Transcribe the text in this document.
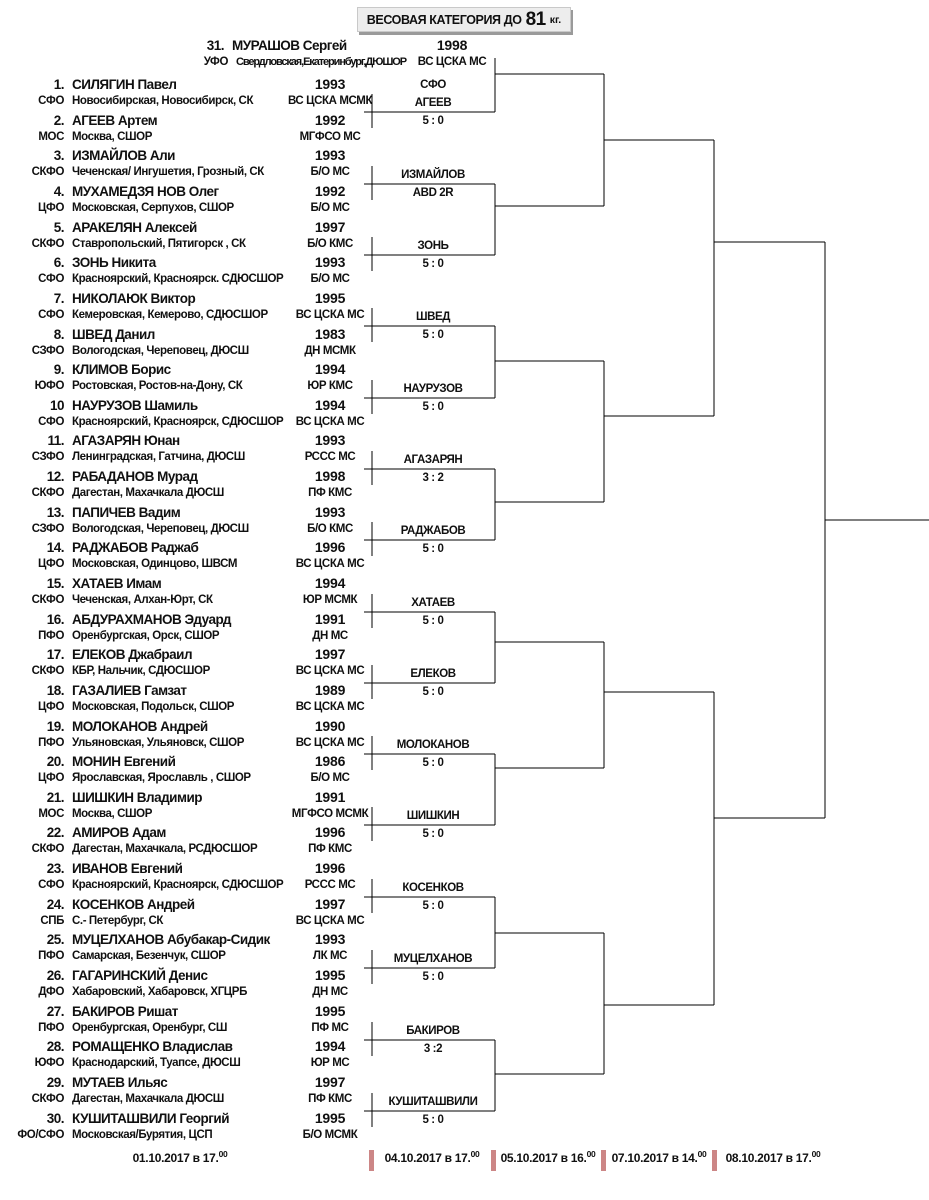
ВЕСОВАЯ КАТЕГОРИЯ ДО 81 кг.
31. МУРАШОВ Сергей	1998
УФО Свердловская,Екатеринбург,ДЮШОР	ВС ЦСКА МС
1. СИЛЯГИН Павел	1993
СФО Новосибирская, Новосибирск, СК	ВС ЦСКА МСМК
2. АГЕЕВ Артем	1992
МОС Москва, СШОР	МГФСО МС
3. ИЗМАЙЛОВ Али	1993
СКФО Чеченская/ Ингушетия, Грозный, СК	Б/О МС
4. МУХАМЕДЗЯ НОВ Олег	1992
ЦФО Московская, Серпухов, СШОР	Б/О МС
5. АРАКЕЛЯН Алексей	1997
СКФО Ставропольский, Пятигорск , СК	Б/О КМС
6. ЗОНЬ Никита	1993
СФО Красноярский, Красноярск. СДЮСШОР	Б/О МС
7. НИКОЛАЮК Виктор	1995
СФО Кемеровская, Кемерово, СДЮСШОР	ВС ЦСКА МС
8. ШВЕД Данил	1983
СЗФО Вологодская, Череповец, ДЮСШ	ДН МСМК
9. КЛИМОВ Борис	1994
ЮФО Ростовская, Ростов-на-Дону, СК	ЮР КМС
10 НАУРУЗОВ Шамиль	1994
СФО Красноярский, Красноярск, СДЮСШОР	ВС ЦСКА МС
11. АГАЗАРЯН Юнан	1993
СЗФО Ленинградская, Гатчина, ДЮСШ	РССС МС
12. РАБАДАНОВ Мурад	1998
СКФО Дагестан, Махачкала ДЮСШ	ПФ КМС
13. ПАПИЧЕВ Вадим	1993
СЗФО Вологодская, Череповец, ДЮСШ	Б/О КМС
14. РАДЖАБОВ Раджаб	1996
ЦФО Московская, Одинцово, ШВСМ	ВС ЦСКА МС
15. ХАТАЕВ Имам	1994
СКФО Чеченская, Алхан-Юрт, СК	ЮР МСМК
16. АБДУРАХМАНОВ Эдуард	1991
ПФО Оренбургская, Орск, СШОР	ДН МС
17. ЕЛЕКОВ Джабраил	1997
СКФО КБР, Нальчик, СДЮСШОР	ВС ЦСКА МС
18. ГАЗАЛИЕВ Гамзат	1989
ЦФО Московская, Подольск, СШОР	ВС ЦСКА МС
19. МОЛОКАНОВ Андрей	1990
ПФО Ульяновская, Ульяновск, СШОР	ВС ЦСКА МС
20. МОНИН Евгений	1986
ЦФО Ярославская, Ярославль , СШОР	Б/О МС
21. ШИШКИН Владимир	1991
МОС Москва, СШОР	МГФСО МСМК
22. АМИРОВ Адам	1996
СКФО Дагестан, Махачкала, РСДЮСШОР	ПФ КМС
23. ИВАНОВ Евгений	1996
СФО Красноярский, Красноярск, СДЮСШОР	РССС МС
24. КОСЕНКОВ Андрей	1997
СПБ С.- Петербург, СК	ВС ЦСКА МС
25. МУЦЕЛХАНОВ Абубакар-Сидик	1993
ПФО Самарская, Безенчук, СШОР	ЛК МС
26. ГАГАРИНСКИЙ Денис	1995
ДФО Хабаровский, Хабаровск, ХГЦРБ	ДН МС
27. БАКИРОВ Ришат	1995
ПФО Оренбургская, Оренбург, СШ	ПФ МС
28. РОМАЩЕНКО Владислав	1994
ЮФО Краснодарский, Туапсе, ДЮСШ	ЮР МС
29. МУТАЕВ Ильяс	1997
СКФО Дагестан, Махачкала ДЮСШ	ПФ КМС
30. КУШИТАШВИЛИ Георгий	1995
ФО/СФО Московская/Бурятия, ЦСП	Б/О МСМК
СФО
АГЕЕВ
5 : 0
ИЗМАЙЛОВ
ABD 2R
ЗОНЬ
5 : 0
ШВЕД
5 : 0
НАУРУЗОВ
5 : 0
АГАЗАРЯН
3 : 2
РАДЖАБОВ
5 : 0
ХАТАЕВ
5 : 0
ЕЛЕКОВ
5 : 0
МОЛОКАНОВ
5 : 0
ШИШКИН
5 : 0
КОСЕНКОВ
5 : 0
МУЦЕЛХАНОВ
5 : 0
БАКИРОВ
3 :2
КУШИТАШВИЛИ
5 : 0
01.10.2017 в 17.00	04.10.2017 в 17.00	05.10.2017 в 16.00	07.10.2017 в 14.00	08.10.2017 в 17.00
